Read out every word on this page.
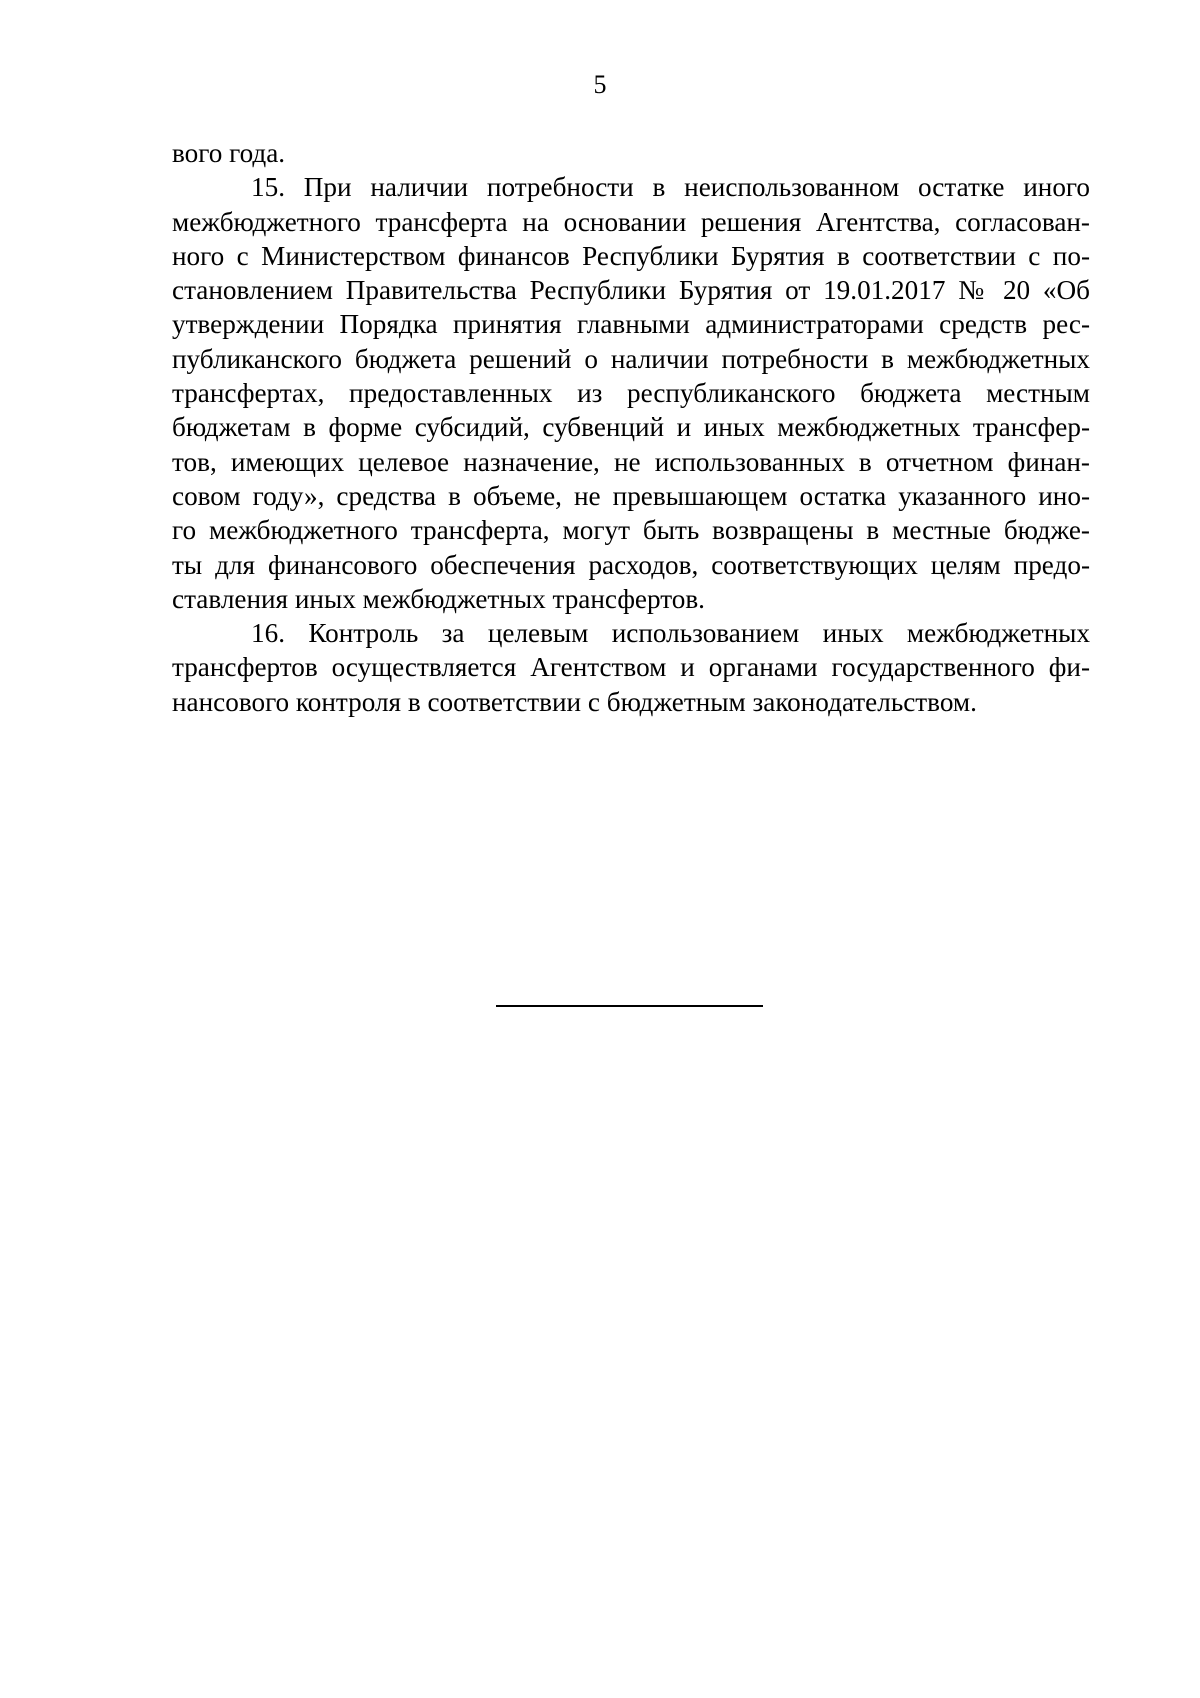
5
вого года.
15. При наличии потребности в неиспользованном остатке иного
межбюджетного трансферта на основании решения Агентства, согласован-
ного с Министерством финансов Республики Бурятия в соответствии с по-
становлением Правительства Республики Бурятия от 19.01.2017 № 20 «Об
утверждении Порядка принятия главными администраторами средств рес-
публиканского бюджета решений о наличии потребности в межбюджетных
трансфертах, предоставленных из республиканского бюджета местным
бюджетам в форме субсидий, субвенций и иных межбюджетных трансфер-
тов, имеющих целевое назначение, не использованных в отчетном финан-
совом году», средства в объеме, не превышающем остатка указанного ино-
го межбюджетного трансферта, могут быть возвращены в местные бюдже-
ты для финансового обеспечения расходов, соответствующих целям предо-
ставления иных межбюджетных трансфертов.
16. Контроль за целевым использованием иных межбюджетных
трансфертов осуществляется Агентством и органами государственного фи-
нансового контроля в соответствии с бюджетным законодательством.
